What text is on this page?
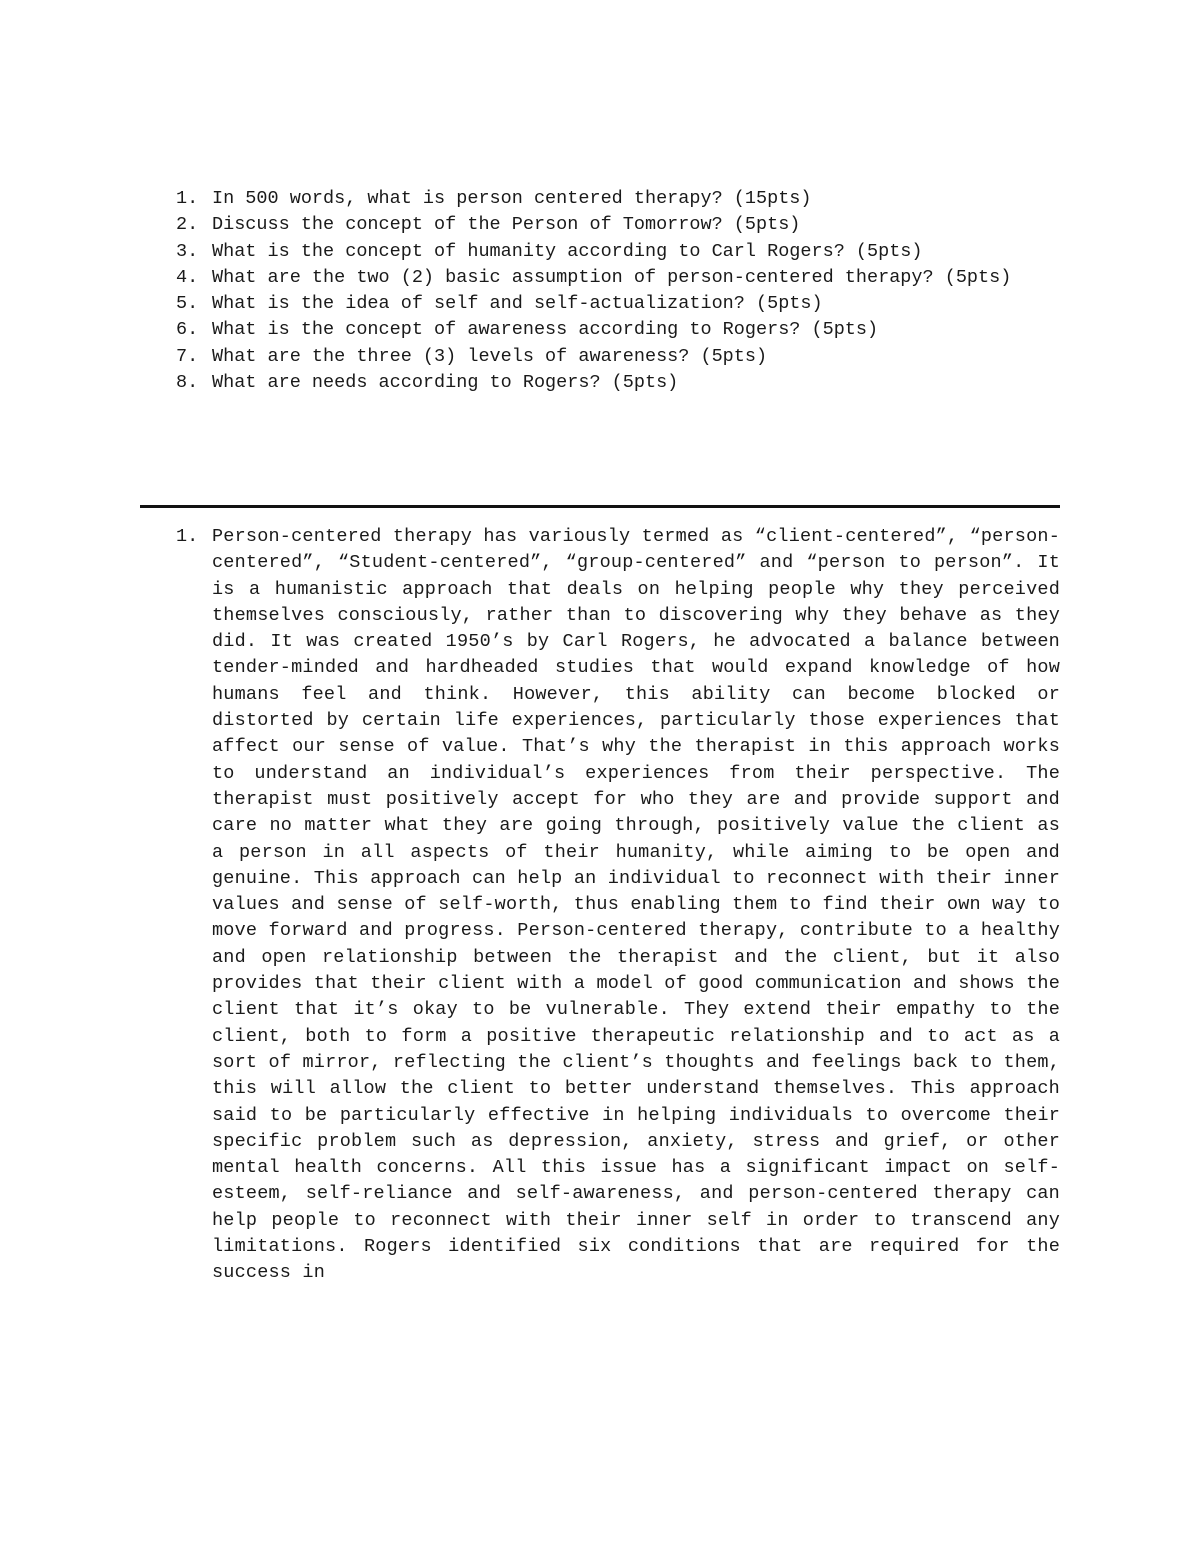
1. In 500 words, what is person centered therapy? (15pts)
2. Discuss the concept of the Person of Tomorrow? (5pts)
3. What is the concept of humanity according to Carl Rogers? (5pts)
4. What are the two (2) basic assumption of person-centered therapy? (5pts)
5. What is the idea of self and self-actualization? (5pts)
6. What is the concept of awareness according to Rogers? (5pts)
7. What are the three (3) levels of awareness? (5pts)
8. What are needs according to Rogers? (5pts)
1. Person-centered therapy has variously termed as “client-centered”, “person-centered”, “Student-centered”, “group-centered” and “person to person”. It is a humanistic approach that deals on helping people why they perceived themselves consciously, rather than to discovering why they behave as they did. It was created 1950’s by Carl Rogers, he advocated a balance between tender-minded and hardheaded studies that would expand knowledge of how humans feel and think. However, this ability can become blocked or distorted by certain life experiences, particularly those experiences that affect our sense of value. That’s why the therapist in this approach works to understand an individual’s experiences from their perspective. The therapist must positively accept for who they are and provide support and care no matter what they are going through, positively value the client as a person in all aspects of their humanity, while aiming to be open and genuine. This approach can help an individual to reconnect with their inner values and sense of self-worth, thus enabling them to find their own way to move forward and progress. Person-centered therapy, contribute to a healthy and open relationship between the therapist and the client, but it also provides that their client with a model of good communication and shows the client that it’s okay to be vulnerable. They extend their empathy to the client, both to form a positive therapeutic relationship and to act as a sort of mirror, reflecting the client’s thoughts and feelings back to them, this will allow the client to better understand themselves. This approach said to be particularly effective in helping individuals to overcome their specific problem such as depression, anxiety, stress and grief, or other mental health concerns. All this issue has a significant impact on self-esteem, self-reliance and self-awareness, and person-centered therapy can help people to reconnect with their inner self in order to transcend any limitations. Rogers identified six conditions that are required for the success in
